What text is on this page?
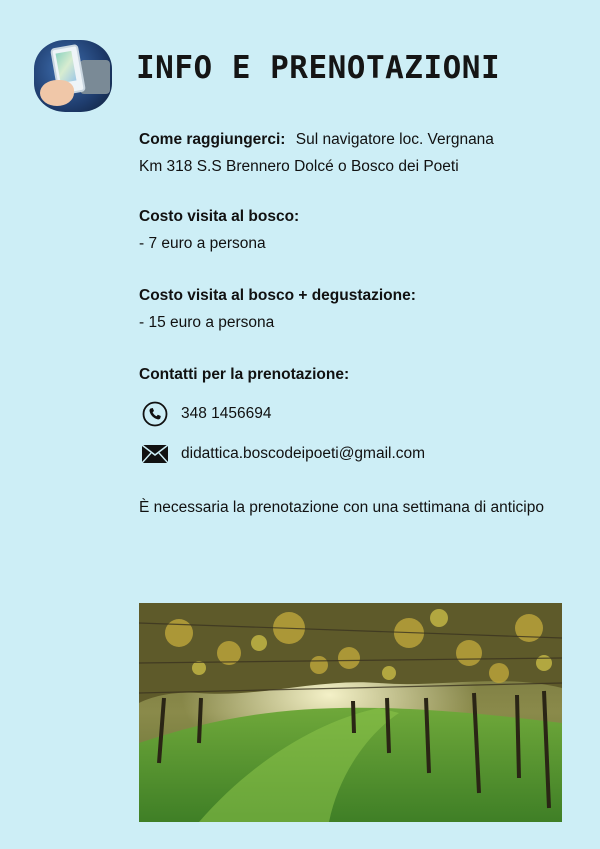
INFO E PRENOTAZIONI
Come raggiungerci: Sul navigatore loc. Vergnana
Km 318 S.S Brennero Dolcé o Bosco dei Poeti
Costo visita al bosco:
- 7 euro a persona
Costo visita al bosco + degustazione:
- 15 euro a persona
Contatti per la prenotazione:
348 1456694
didattica.boscodeipoeti@gmail.com
È necessaria la prenotazione con una settimana di anticipo
